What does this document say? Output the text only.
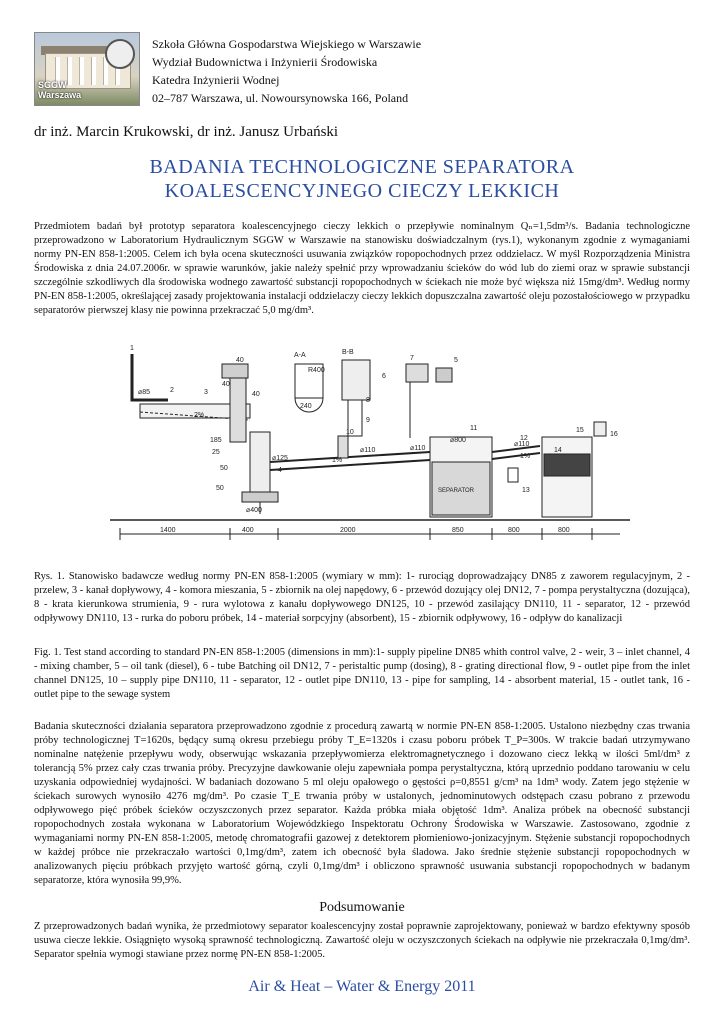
SGGW
Warszawa
Szkoła Główna Gospodarstwa Wiejskiego w Warszawie
Wydział Budownictwa i Inżynierii Środowiska
Katedra Inżynierii Wodnej
02–787 Warszawa, ul. Nowoursynowska 166, Poland
dr inż. Marcin Krukowski, dr inż. Janusz Urbański
BADANIA TECHNOLOGICZNE SEPARATORA
KOALESCENCYJNEGO CIECZY LEKKICH
Przedmiotem badań był prototyp separatora koalescencyjnego cieczy lekkich o przepływie nominalnym Qₙ=1,5dm³/s. Badania technologiczne przeprowadzono w Laboratorium Hydraulicznym SGGW w Warszawie na stanowisku doświadczalnym (rys.1), wykonanym zgodnie z wymaganiami normy PN-EN 858-1:2005. Celem ich była ocena skuteczności usuwania związków ropopochodnych przez oddzielacz. W myśl Rozporządzenia Ministra Środowiska z dnia 24.07.2006r. w sprawie warunków, jakie należy spełnić przy wprowadzaniu ścieków do wód lub do ziemi oraz w sprawie substancji szczególnie szkodliwych dla środowiska wodnego zawartość substancji ropopochodnych w ściekach nie może być większa niż 15mg/dm³. Według normy PN-EN 858-1:2005, określającej zasady projektowania instalacji oddzielaczy cieczy lekkich dopuszczalna zawartość oleju pozostałościowego w przypadku separatorów pierwszej klasy nie powinna przekraczać 5,0 mg/dm³.
A-A	B-B
R400
SEPARATOR
⌀85
⌀125
⌀110	⌀110
⌀800
⌀110
⌀400
2%
1%
1%
1400	400	2000	850	800	800
240
50
40
185
25
40
40
50
1
2	3
4
5
6
7
8
9
10
11
12
13
14
15
16
Rys. 1. Stanowisko badawcze według normy PN-EN 858-1:2005 (wymiary w mm): 1- rurociąg doprowadzający DN85 z zaworem regulacyjnym, 2 - przelew, 3 - kanał dopływowy, 4 - komora mieszania, 5 - zbiornik na olej napędowy, 6 - przewód dozujący olej DN12, 7 - pompa perystaltyczna (dozująca), 8 - krata kierunkowa strumienia, 9 - rura wylotowa z kanału dopływowego DN125, 10 - przewód zasilający DN110, 11 - separator, 12 - przewód odpływowy DN110, 13 - rurka do poboru próbek, 14 - materiał sorpcyjny (absorbent), 15 - zbiornik odpływowy, 16 - odpływ do kanalizacji
Fig. 1. Test stand according to standard PN-EN 858-1:2005 (dimensions in mm):1- supply pipeline DN85 whith control valve, 2 - weir, 3 – inlet channel, 4 - mixing chamber, 5 – oil tank (diesel), 6 - tube Batching oil DN12, 7 - peristaltic pump (dosing), 8 - grating directional flow, 9 - outlet pipe from the inlet channel DN125, 10 – supply pipe DN110, 11 - separator, 12 - outlet pipe DN110, 13 - pipe for sampling, 14 - absorbent material, 15 - outlet tank, 16 - outlet pipe to the sewage system
Badania skuteczności działania separatora przeprowadzono zgodnie z procedurą zawartą w normie PN-EN 858-1:2005. Ustalono niezbędny czas trwania próby technologicznej T=1620s, będący sumą okresu przebiegu próby T_E=1320s i czasu poboru próbek T_P=300s. W trakcie badań utrzymywano nominalne natężenie przepływu wody, obserwując wskazania przepływomierza elektromagnetycznego i dozowano ciecz lekką w ilości 5ml/dm³ z tolerancją 5% przez cały czas trwania próby. Precyzyjne dawkowanie oleju zapewniała pompa perystaltyczna, którą uprzednio poddano tarowaniu w celu uzyskania odpowiedniej wydajności. W badaniach dozowano 5 ml oleju opałowego o gęstości ρ=0,8551 g/cm³ na 1dm³ wody. Zatem jego stężenie w ściekach surowych wynosiło 4276 mg/dm³. Po czasie T_E trwania próby w ustalonych, jednominutowych odstępach czasu pobrano z przewodu odpływowego pięć próbek ścieków oczyszczonych przez separator. Każda próbka miała objętość 1dm³. Analiza próbek na obecność substancji ropopochodnych została wykonana w Laboratorium Wojewódzkiego Inspektoratu Ochrony Środowiska w Warszawie. Zastosowano, zgodnie z wymaganiami normy PN-EN 858-1:2005, metodę chromatografii gazowej z detektorem płomieniowo-jonizacyjnym. Stężenie substancji ropopochodnych w każdej próbce nie przekraczało wartości 0,1mg/dm³, zatem ich obecność była śladowa. Jako średnie stężenie substancji ropopochodnych w analizowanych pięciu próbkach przyjęto wartość górną, czyli 0,1mg/dm³ i obliczono sprawność usuwania substancji ropopochodnych w badanym separatorze, która wynosiła 99,9%.
Podsumowanie
Z przeprowadzonych badań wynika, że przedmiotowy separator koalescencyjny został poprawnie zaprojektowany, ponieważ w bardzo efektywny sposób usuwa ciecze lekkie. Osiągnięto wysoką sprawność technologiczną. Zawartość oleju w oczyszczonych ściekach na odpływie nie przekraczała 0,1mg/dm³. Separator spełnia wymogi stawiane przez normę PN-EN 858-1:2005.
Air & Heat – Water & Energy 2011
